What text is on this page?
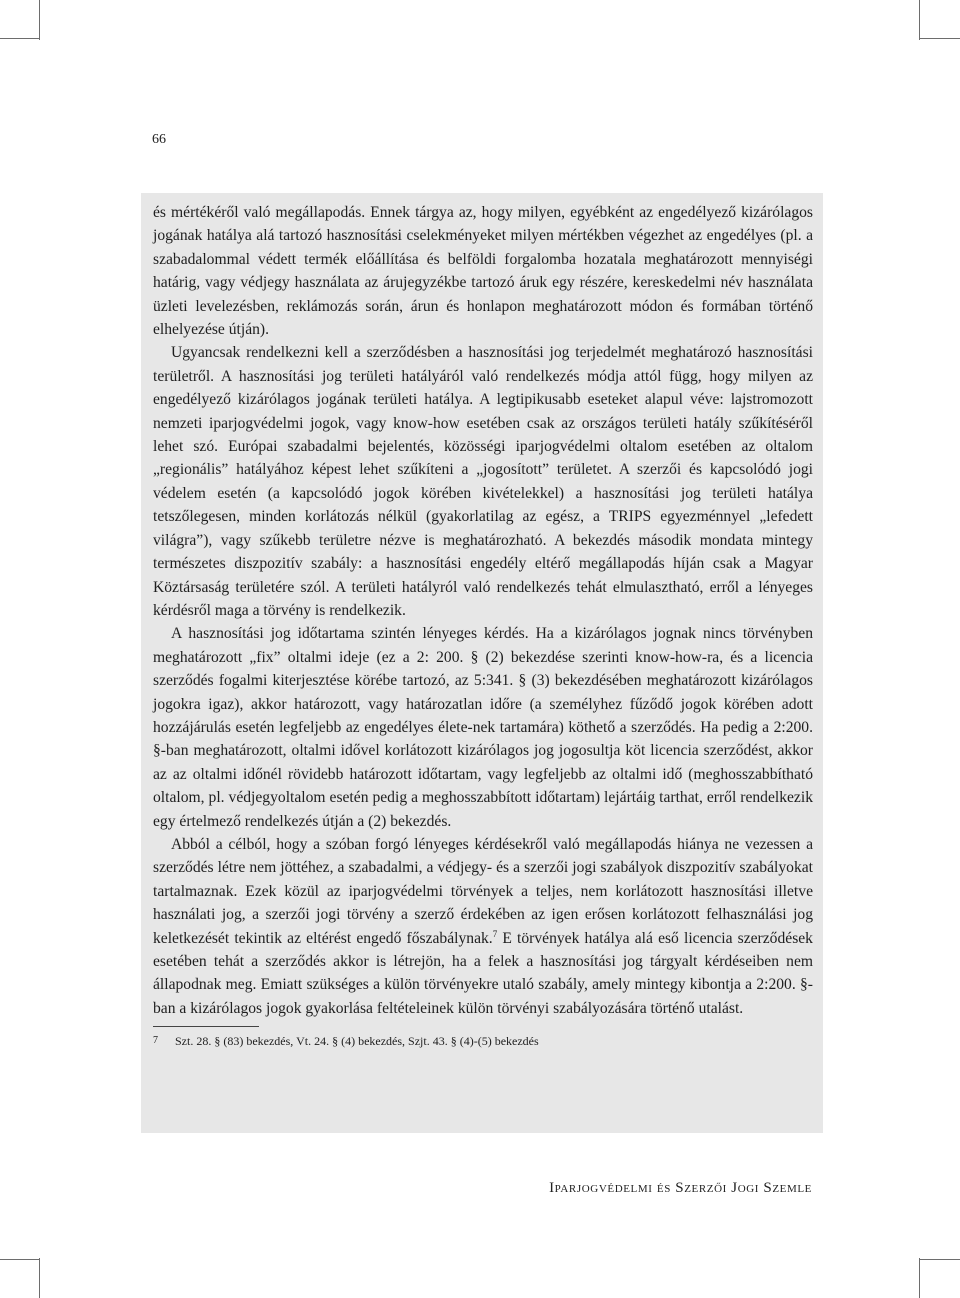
66

és mértékéről való megállapodás. Ennek tárgya az, hogy milyen, egyébként az engedélyező kizárólagos jogának hatálya alá tartozó hasznosítási cselekményeket milyen mértékben végezhet az engedélyes (pl. a szabadalommal védett termék előállítása és belföldi forgalomba hozatala meghatározott mennyiségi határig, vagy védjegy használata az árujegyzékbe tartozó áruk egy részére, kereskedelmi név használata üzleti levelezésben, reklámozás során, árun és honlapon meghatározott módon és formában történő elhelyezése útján).

Ugyancsak rendelkezni kell a szerződésben a hasznosítási jog terjedelmét meghatározó hasznosítási területről. A hasznosítási jog területi hatályáról való rendelkezés módja attól függ, hogy milyen az engedélyező kizárólagos jogának területi hatálya. A legtipikusabb eseteket alapul véve: lajstromozott nemzeti iparjogvédelmi jogok, vagy know-how esetében csak az országos területi hatály szűkítéséről lehet szó. Európai szabadalmi bejelentés, közösségi iparjogvédelmi oltalom esetében az oltalom „regionális” hatályához képest lehet szűkíteni a „jogosított” területet. A szerzői és kapcsolódó jogi védelem esetén (a kapcsolódó jogok körében kivételekkel) a hasznosítási jog területi hatálya tetszőlegesen, minden korlátozás nélkül (gyakorlatilag az egész, a TRIPS egyezménnyel „lefedett világra”), vagy szűkebb területre nézve is meghatározható. A bekezdés második mondata mintegy természetes diszpozitív szabály: a hasznosítási engedély eltérő megállapodás híján csak a Magyar Köztársaság területére szól. A területi hatályról való rendelkezés tehát elmulasztható, erről a lényeges kérdésről maga a törvény is rendelkezik.

A hasznosítási jog időtartama szintén lényeges kérdés. Ha a kizárólagos jognak nincs törvényben meghatározott „fix” oltalmi ideje (ez a 2: 200. § (2) bekezdése szerinti know-how-ra, és a licencia szerződés fogalmi kiterjesztése körébe tartozó, az 5:341. § (3) bekezdésében meghatározott kizárólagos jogokra igaz), akkor határozott, vagy határozatlan időre (a személyhez fűződő jogok körében adott hozzájárulás esetén legfeljebb az engedélyes élete-nek tartamára) köthető a szerződés. Ha pedig a 2:200. §-ban meghatározott, oltalmi idővel korlátozott kizárólagos jog jogosultja köt licencia szerződést, akkor az az oltalmi időnél rövidebb határozott időtartam, vagy legfeljebb az oltalmi idő (meghosszabbítható oltalom, pl. védjegyoltalom esetén pedig a meghosszabbított időtartam) lejártáig tarthat, erről rendelkezik egy értelmező rendelkezés útján a (2) bekezdés.

Abból a célból, hogy a szóban forgó lényeges kérdésekről való megállapodás hiánya ne vezessen a szerződés létre nem jöttéhez, a szabadalmi, a védjegy- és a szerzői jogi szabályok diszpozitív szabályokat tartalmaznak. Ezek közül az iparjogvédelmi törvények a teljes, nem korlátozott hasznosítási illetve használati jog, a szerzői jogi törvény a szerző érdekében az igen erősen korlátozott felhasználási jog keletkezését tekintik az eltérést engedő főszabálynak.$^7$ E törvények hatálya alá eső licencia szerződések esetében tehát a szerződés akkor is létrejön, ha a felek a hasznosítási jog tárgyalt kérdéseiben nem állapodnak meg. Emiatt szükséges a külön törvényekre utaló szabály, amely mintegy kibontja a 2:200. §-ban a kizárólagos jogok gyakorlása feltételeinek külön törvényi szabályozására történő utalást.

7 Szt. 28. § (83) bekezdés, Vt. 24. § (4) bekezdés, Szjt. 43. § (4)-(5) bekezdés
Iparjogvédelmi és Szerzői Jogi Szemle
